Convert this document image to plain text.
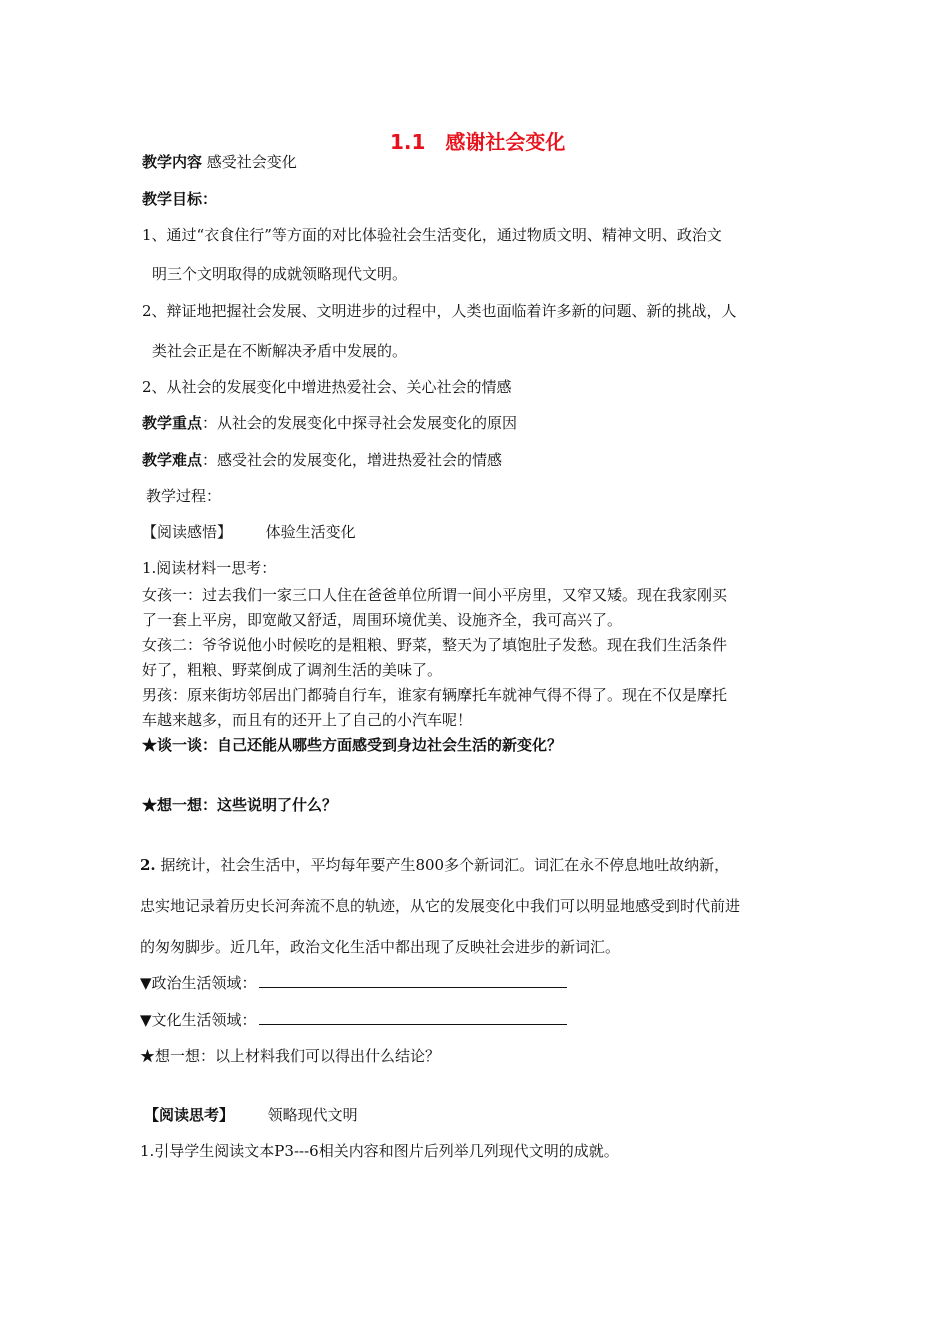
1.1　感谢社会变化
教学内容 感受社会变化
教学目标：
1、通过“衣食住行”等方面的对比体验社会生活变化，通过物质文明、精神文明、政治文
明三个文明取得的成就领略现代文明。
2、辩证地把握社会发展、文明进步的过程中，人类也面临着许多新的问题、新的挑战，人
类社会正是在不断解决矛盾中发展的。
2、从社会的发展变化中增进热爱社会、关心社会的情感
教学重点：从社会的发展变化中探寻社会发展变化的原因
教学难点：感受社会的发展变化，增进热爱社会的情感
教学过程：
【阅读感悟】 体验生活变化
1.阅读材料一思考：
女孩一：过去我们一家三口人住在爸爸单位所谓一间小平房里，又窄又矮。现在我家刚买
了一套上平房，即宽敞又舒适，周围环境优美、设施齐全，我可高兴了。
女孩二：爷爷说他小时候吃的是粗粮、野菜，整天为了填饱肚子发愁。现在我们生活条件
好了，粗粮、野菜倒成了调剂生活的美味了。
男孩：原来街坊邻居出门都骑自行车，谁家有辆摩托车就神气得不得了。现在不仅是摩托
车越来越多，而且有的还开上了自己的小汽车呢！
★谈一谈：自己还能从哪些方面感受到身边社会生活的新变化？
★想一想：这些说明了什么？
2. 据统计，社会生活中，平均每年要产生800多个新词汇。词汇在永不停息地吐故纳新，
忠实地记录着历史长河奔流不息的轨迹，从它的发展变化中我们可以明显地感受到时代前进
的匆匆脚步。近几年，政治文化生活中都出现了反映社会进步的新词汇。
▼政治生活领域：
▼文化生活领域：
★想一想：以上材料我们可以得出什么结论？
【阅读思考】 领略现代文明
1.引导学生阅读文本P3---6相关内容和图片后列举几列现代文明的成就。
